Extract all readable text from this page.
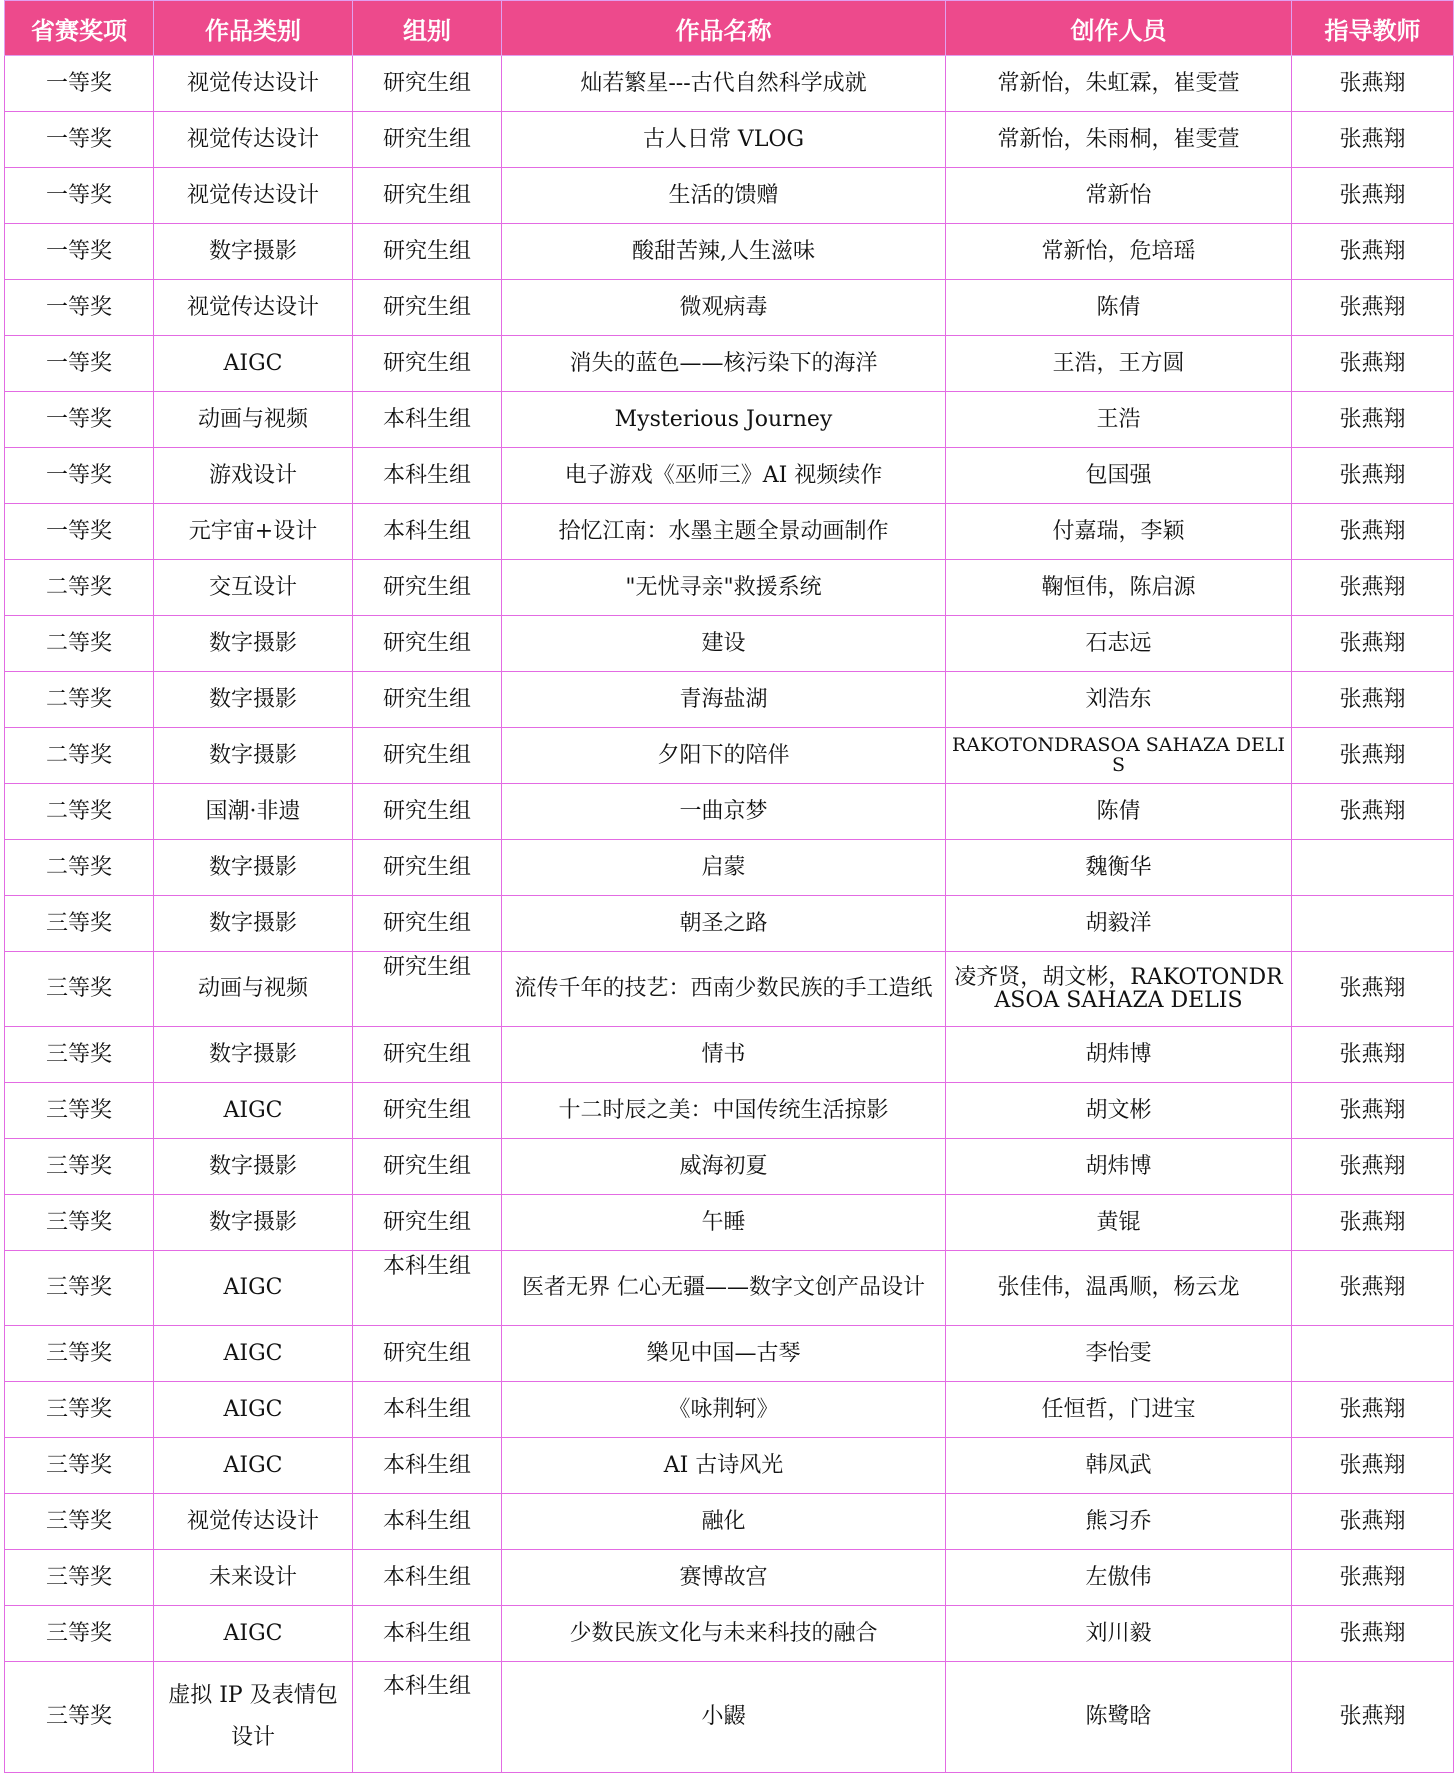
省赛奖项	作品类别	组别	作品名称	创作人员	指导教师
一等奖	视觉传达设计	研究生组	灿若繁星---古代自然科学成就	常新怡，朱虹霖，崔雯萱	张燕翔
一等奖	视觉传达设计	研究生组	古人日常 VLOG	常新怡，朱雨桐，崔雯萱	张燕翔
一等奖	视觉传达设计	研究生组	生活的馈赠	常新怡	张燕翔
一等奖	数字摄影	研究生组	酸甜苦辣,人生滋味	常新怡，危培瑶	张燕翔
一等奖	视觉传达设计	研究生组	微观病毒	陈倩	张燕翔
一等奖	AIGC	研究生组	消失的蓝色——核污染下的海洋	王浩，王方圆	张燕翔
一等奖	动画与视频	本科生组	Mysterious Journey	王浩	张燕翔
一等奖	游戏设计	本科生组	电子游戏《巫师三》AI 视频续作	包国强	张燕翔
一等奖	元宇宙+设计	本科生组	拾忆江南：水墨主题全景动画制作	付嘉瑞，李颖	张燕翔
二等奖	交互设计	研究生组	"无忧寻亲"救援系统	鞠恒伟，陈启源	张燕翔
二等奖	数字摄影	研究生组	建设	石志远	张燕翔
二等奖	数字摄影	研究生组	青海盐湖	刘浩东	张燕翔
二等奖	数字摄影	研究生组	夕阳下的陪伴	RAKOTONDRASOA SAHAZA DELIS	张燕翔
二等奖	国潮·非遗	研究生组	一曲京梦	陈倩	张燕翔
二等奖	数字摄影	研究生组	启蒙	魏衡华	
三等奖	数字摄影	研究生组	朝圣之路	胡毅洋	
三等奖	动画与视频	研究生组	流传千年的技艺：西南少数民族的手工造纸	凌齐贤，胡文彬，RAKOTONDRASOA SAHAZA DELIS	张燕翔
三等奖	数字摄影	研究生组	情书	胡炜博	张燕翔
三等奖	AIGC	研究生组	十二时辰之美：中国传统生活掠影	胡文彬	张燕翔
三等奖	数字摄影	研究生组	威海初夏	胡炜博	张燕翔
三等奖	数字摄影	研究生组	午睡	黄锟	张燕翔
三等奖	AIGC	本科生组	医者无界 仁心无疆——数字文创产品设计	张佳伟，温禹顺，杨云龙	张燕翔
三等奖	AIGC	研究生组	樂见中国—古琴	李怡雯	
三等奖	AIGC	本科生组	《咏荆轲》	任恒哲，门进宝	张燕翔
三等奖	AIGC	本科生组	AI 古诗风光	韩凤武	张燕翔
三等奖	视觉传达设计	本科生组	融化	熊习乔	张燕翔
三等奖	未来设计	本科生组	赛博故宫	左傲伟	张燕翔
三等奖	AIGC	本科生组	少数民族文化与未来科技的融合	刘川毅	张燕翔
三等奖	虚拟 IP 及表情包设计	本科生组	小鼹	陈鹭晗	张燕翔
